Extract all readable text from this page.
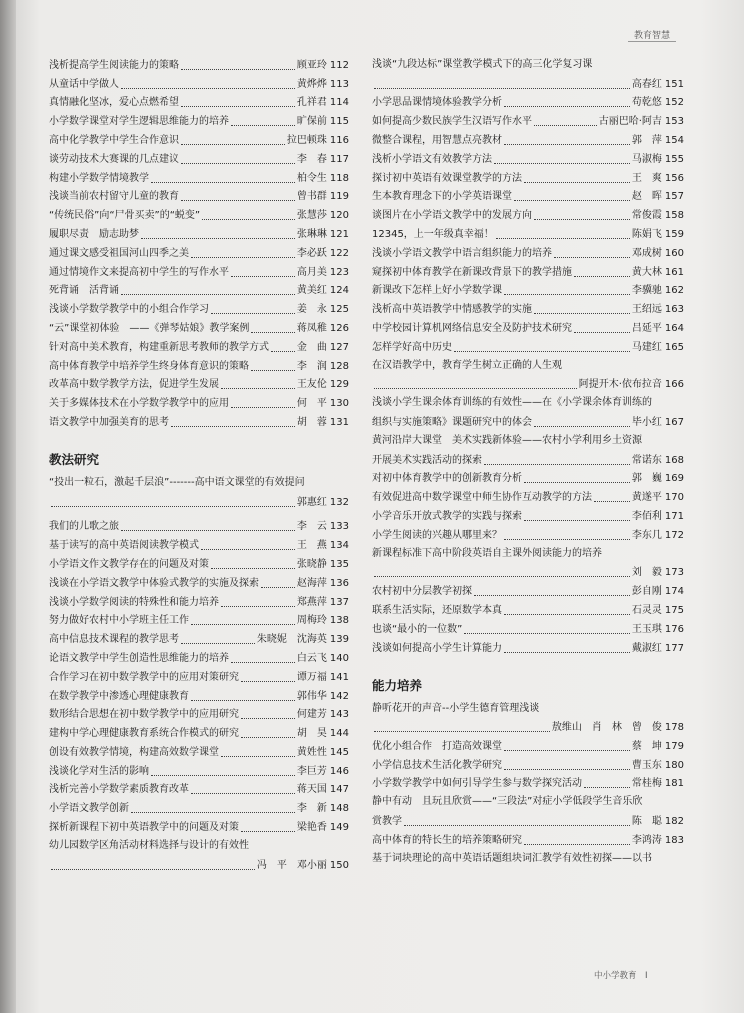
教育智慧
浅析提高学生阅读能力的策略	顾亚玲 112
从童话中学做人	黄烨烨 113
真情融化坚冰，爱心点燃希望	孔祥君 114
小学数学课堂对学生逻辑思维能力的培养	旷保前 115
高中化学教学中学生合作意识	拉巴顿珠 116
谈劳动技术大赛课的几点建议	李　春 117
构建小学数学情境教学	柏令生 118
浅谈当前农村留守儿童的教育	曾书群 119
“传统民俗”向“尸骨买卖”的“蜕变”	张慧莎 120
履职尽责　励志助梦	张琳琳 121
通过课文感受祖国河山四季之美	李必跃 122
通过情境作文来提高初中学生的写作水平	高月美 123
死背诵　活背诵	黄美红 124
浅谈小学数学教学中的小组合作学习	姜　永 125
“云”课堂初体验　——《弹琴姑娘》教学案例	蒋凤稚 126
针对高中美术教育，构建重新思考教师的教学方式	金　曲 127
高中体育教学中培养学生终身体育意识的策略	李　润 128
改革高中数学教学方法，促进学生发展	王友伦 129
关于多媒体技术在小学数学教学中的应用	何　平 130
语文教学中加强美育的思考	胡　蓉 131
教法研究
“投出一粒石，激起千层浪”-------高中语文课堂的有效提问
郭惠红 132
我们的儿歌之旅	李　云 133
基于读写的高中英语阅读教学模式	王　燕 134
小学语文作文教学存在的问题及对策	张晓静 135
浅谈在小学语文教学中体验式教学的实施及探索	赵海萍 136
浅谈小学数学阅读的特殊性和能力培养	郑燕萍 137
努力做好农村中小学班主任工作	周梅玲 138
高中信息技术课程的教学思考	朱晓妮　沈海英 139
论语文教学中学生创造性思维能力的培养	白云飞 140
合作学习在初中数学教学中的应用对策研究	谭万福 141
在数学教学中渗透心理健康教育	郭伟华 142
数形结合思想在初中数学教学中的应用研究	何建芳 143
建构中学心理健康教育系统合作模式的研究	胡　昊 144
创设有效教学情境，构建高效数学课堂	黄姓性 145
浅谈化学对生活的影响	李巨芳 146
浅析完善小学数学素质教育改革	蒋天国 147
小学语文教学创新	李　新 148
探析新课程下初中英语教学中的问题及对策	梁艳香 149
幼儿园数学区角活动材料选择与设计的有效性
冯　平　邓小丽 150
浅谈“九段达标”课堂教学模式下的高三化学复习课
高春红 151
小学思品课情境体验教学分析	苟乾悠 152
如何提高少数民族学生汉语写作水平	古丽巴哈·阿吉 153
微整合课程，用智慧点亮教材	郭　萍 154
浅析小学语文有效教学方法	马淑梅 155
探讨初中英语有效课堂教学的方法	王　爽 156
生本教育理念下的小学英语课堂	赵　晖 157
谈图片在小学语文教学中的发展方向	常俊霞 158
12345，上一年级真幸福！	陈娟飞 159
浅谈小学语文教学中语言组织能力的培养	邓成树 160
窥探初中体育教学在新课改背景下的教学措施	黄大林 161
新课改下怎样上好小学数学课	李骥驰 162
浅析高中英语教学中情感教学的实施	王绍远 163
中学校园计算机网络信息安全及防护技术研究	吕延平 164
怎样学好高中历史	马建红 165
在汉语教学中，教育学生树立正确的人生观
阿提开木·依布拉音 166
浅谈小学生课余体育训练的有效性——在《小学课余体育训练的
组织与实施策略》课题研究中的体会	毕小红 167
黄河沿岸大课堂　美术实践新体验——农村小学利用乡土资源
开展美术实践活动的探索	常诺东 168
对初中体育教学中的创新教育分析	郭　巍 169
有效促进高中数学课堂中师生协作互动教学的方法	黄遂平 170
小学音乐开放式教学的实践与探索	李佰利 171
小学生阅读的兴趣从哪里来？	李东几 172
新课程标准下高中阶段英语自主课外阅读能力的培养
刘　毅 173
农村初中分层教学初探	彭自刚 174
联系生活实际，还原数学本真	石灵灵 175
也谈“最小的一位数”	王玉琪 176
浅谈如何提高小学生计算能力	戴淑红 177
能力培养
静听花开的声音--小学生德育管理浅谈
敖维山　肖　林　曾　俊 178
优化小组合作　打造高效课堂	蔡　坤 179
小学信息技术生活化教学研究	曹玉东 180
小学数学教学中如何引导学生参与数学探究活动	常桂梅 181
静中有动　且玩且欣赏——“三段法”对症小学低段学生音乐欣
赏教学	陈　聪 182
高中体育的特长生的培养策略研究	李鸿涛 183
基于词块理论的高中英语话题组块词汇教学有效性初探——以书
中小学教育　Ⅰ
